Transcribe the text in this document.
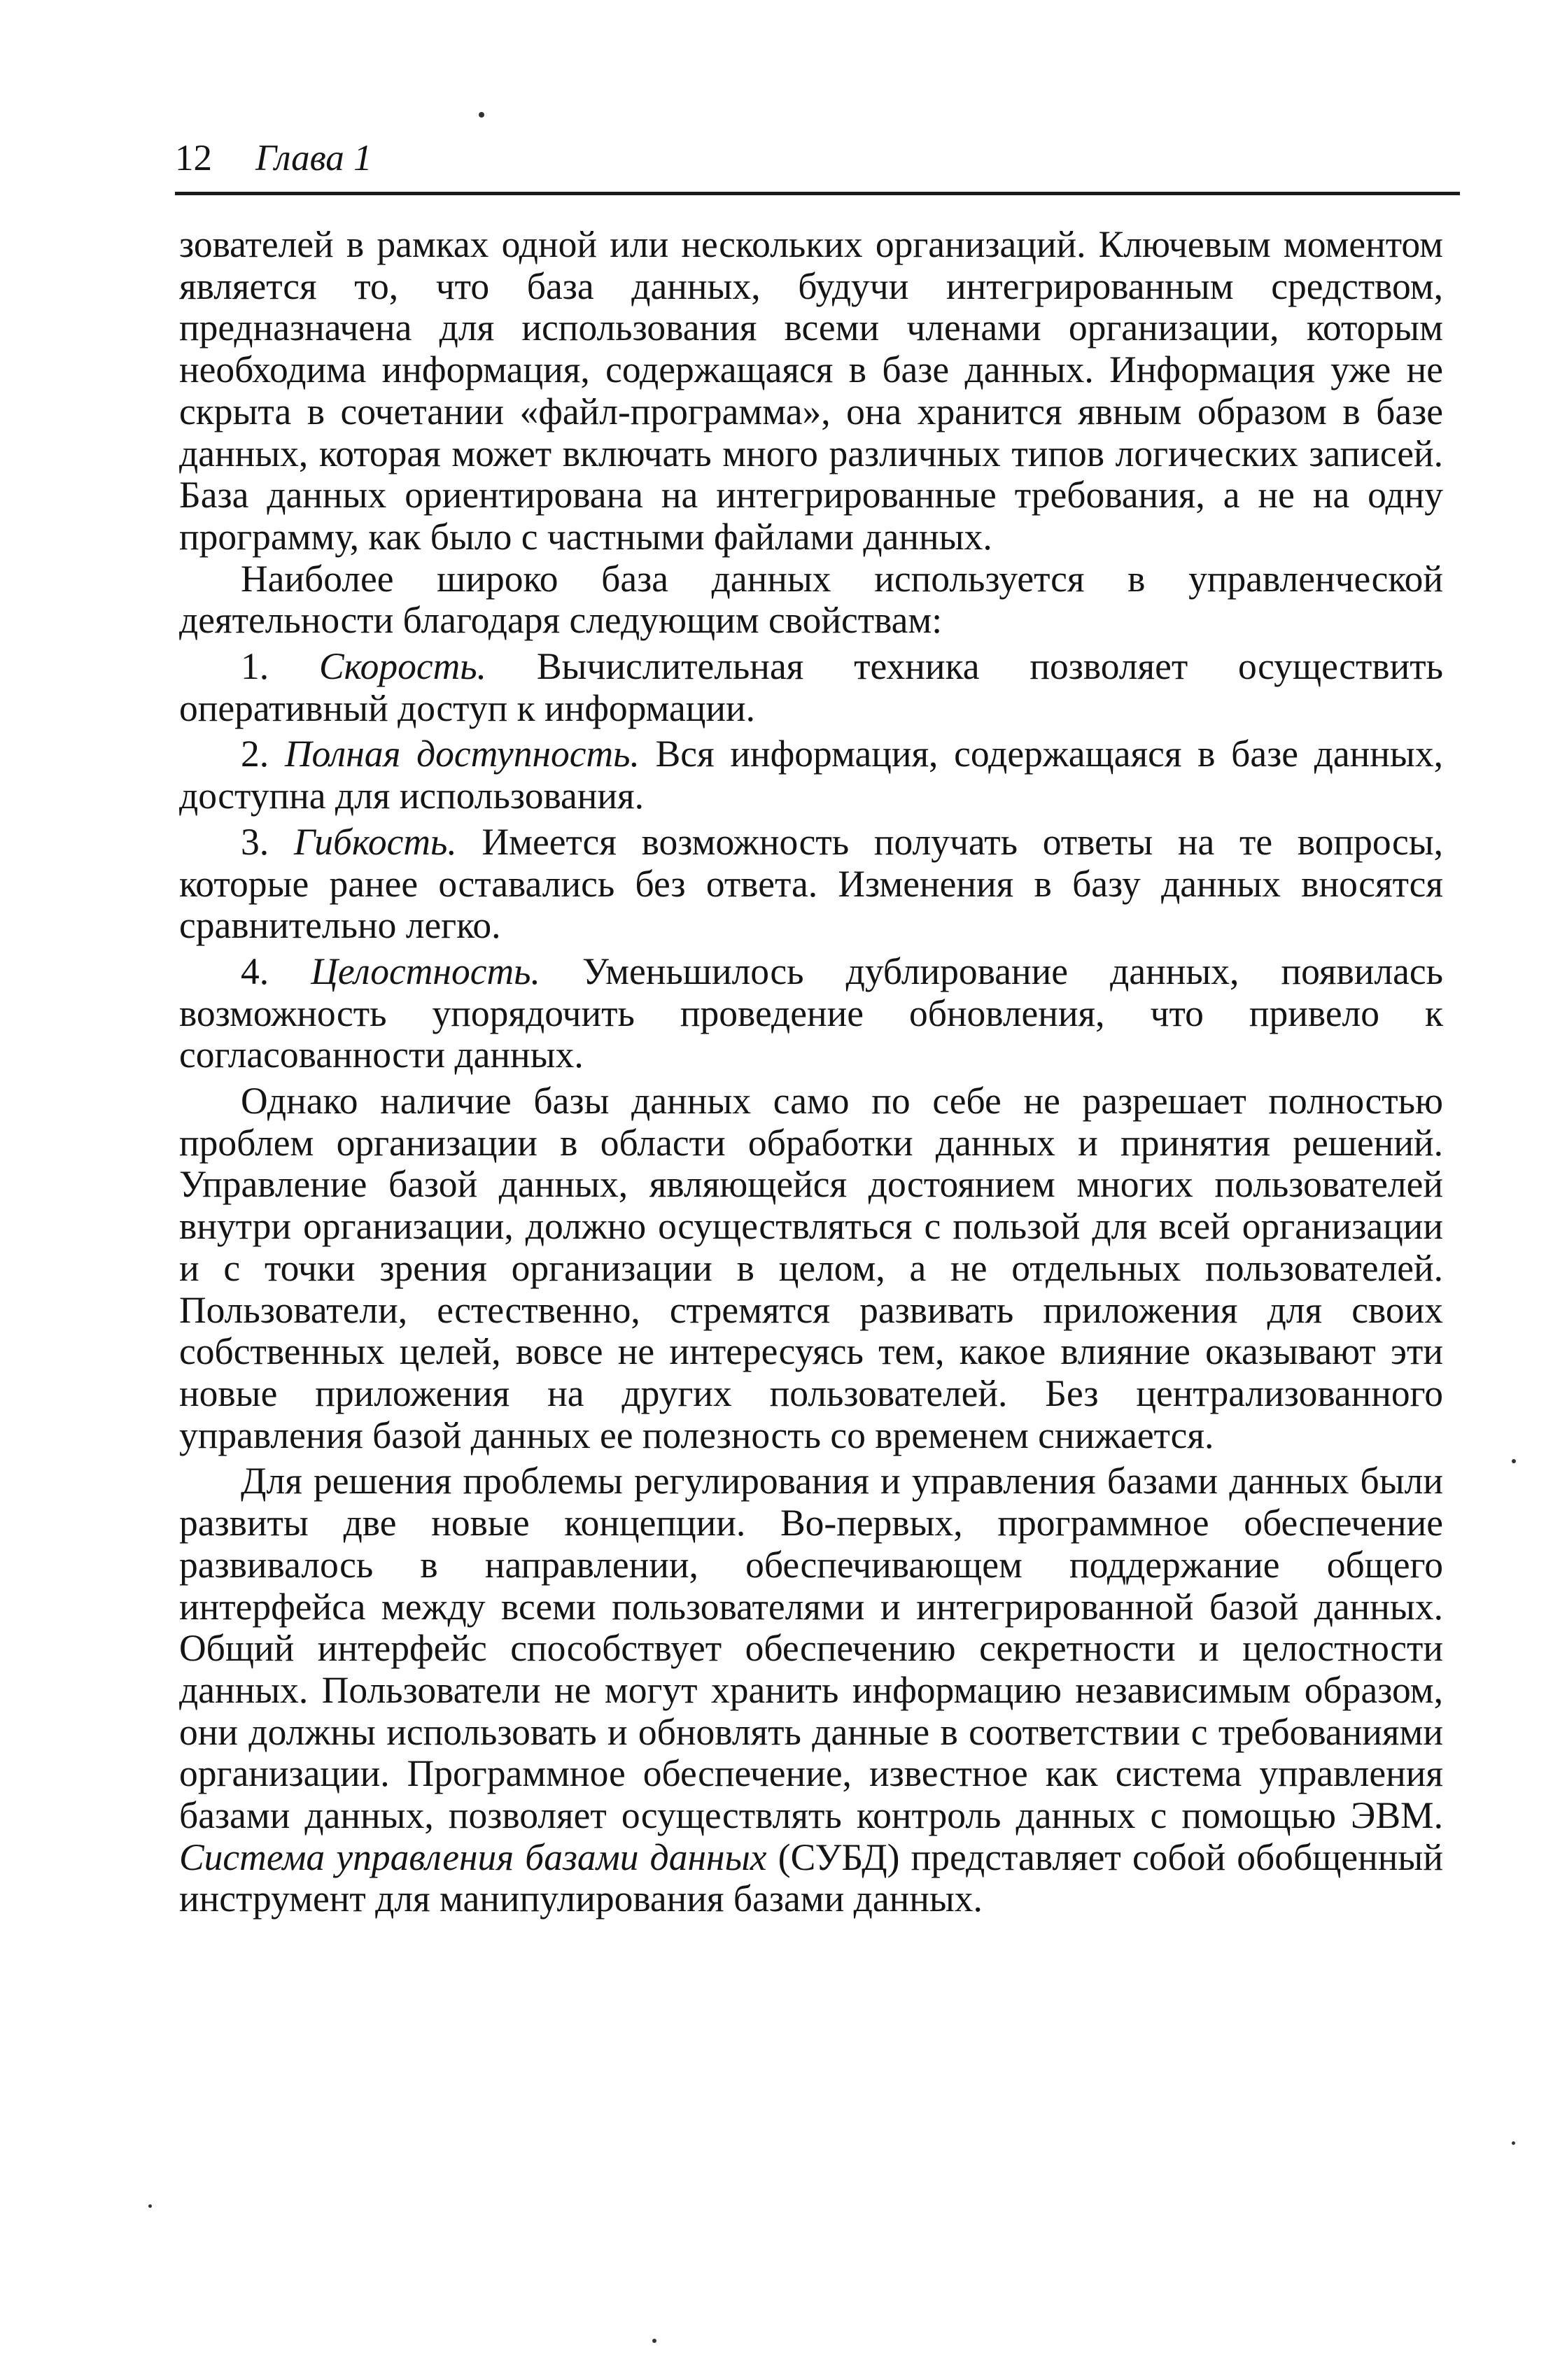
12 Глава 1

зователей в рамках одной или нескольких организаций. Ключевым моментом является то, что база данных, будучи интегрированным средством, предназначена для использования всеми членами организации, которым необходима информация, содержащаяся в базе данных. Информация уже не скрыта в сочетании «файл-программа», она хранится явным образом в базе данных, которая может включать много различных типов логических записей. База данных ориентирована на интегрированные требования, а не на одну программу, как было с частными файлами данных.

Наиболее широко база данных используется в управленческой деятельности благодаря следующим свойствам:

1. Скорость. Вычислительная техника позволяет осуществить оперативный доступ к информации.

2. Полная доступность. Вся информация, содержащаяся в базе данных, доступна для использования.

3. Гибкость. Имеется возможность получать ответы на те вопросы, которые ранее оставались без ответа. Изменения в базу данных вносятся сравнительно легко.

4. Целостность. Уменьшилось дублирование данных, появилась возможность упорядочить проведение обновления, что привело к согласованности данных.

Однако наличие базы данных само по себе не разрешает полностью проблем организации в области обработки данных и принятия решений. Управление базой данных, являющейся достоянием многих пользователей внутри организации, должно осуществляться с пользой для всей организации и с точки зрения организации в целом, а не отдельных пользователей. Пользователи, естественно, стремятся развивать приложения для своих собственных целей, вовсе не интересуясь тем, какое влияние оказывают эти новые приложения на других пользователей. Без централизованного управления базой данных ее полезность со временем снижается.

Для решения проблемы регулирования и управления базами данных были развиты две новые концепции. Во-первых, программное обеспечение развивалось в направлении, обеспечивающем поддержание общего интерфейса между всеми пользователями и интегрированной базой данных. Общий интерфейс способствует обеспечению секретности и целостности данных. Пользователи не могут хранить информацию независимым образом, они должны использовать и обновлять данные в соответствии с требованиями организации. Программное обеспечение, известное как система управления базами данных, позволяет осуществлять контроль данных с помощью ЭВМ. Система управления базами данных (СУБД) представляет собой обобщенный инструмент для манипулирования базами данных.
